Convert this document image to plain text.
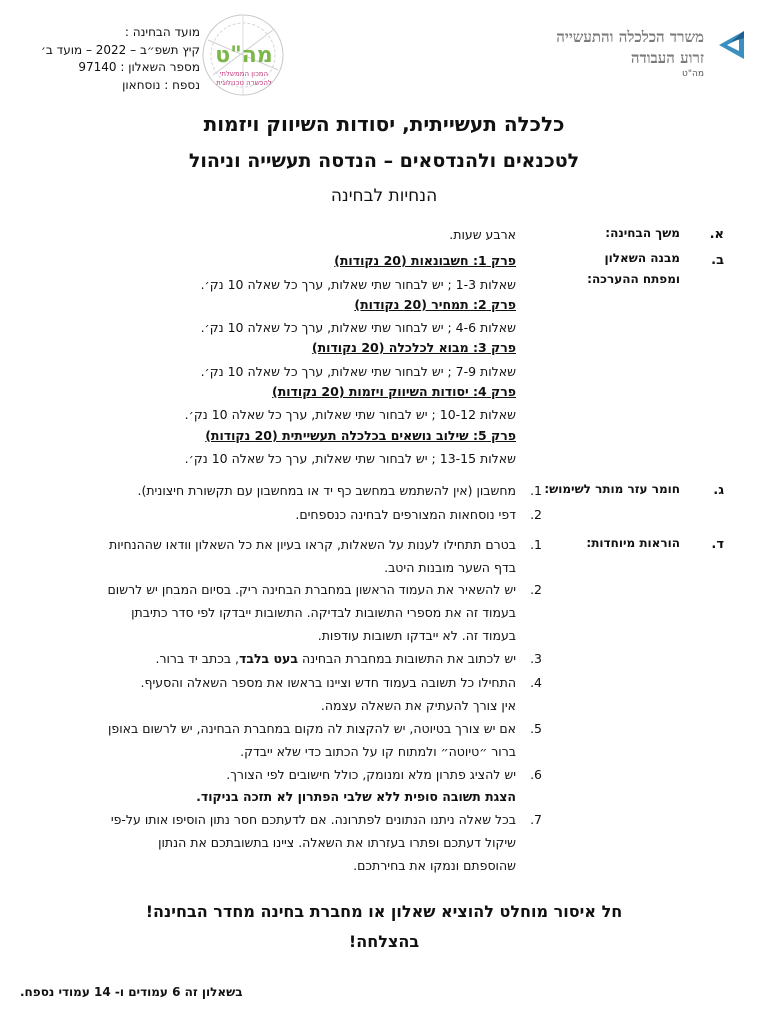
משרד הכלכלה והתעשייה
זרוע העבודה
מה"ט
מה"ט
המכון הממשלתי
להכשרה טכנולוגית
מועד הבחינה :
קיץ תשפ״ב – 2022 – מועד ב׳
מספר השאלון : 97140
נספח : נוסחאון
כלכלה תעשייתית, יסודות השיווק ויזמות
לטכנאים ולהנדסאים – הנדסה תעשייה וניהול
הנחיות לבחינה
א.
משך הבחינה:
ארבע שעות.
ב.
מבנה השאלון ומפתח ההערכה:
פרק 1: חשבונאות (20 נקודות)
שאלות 1-3 ; יש לבחור שתי שאלות, ערך כל שאלה 10 נק׳.
פרק 2: תמחיר (20 נקודות)
שאלות 4-6 ; יש לבחור שתי שאלות, ערך כל שאלה 10 נק׳.
פרק 3: מבוא לכלכלה (20 נקודות)
שאלות 7-9 ; יש לבחור שתי שאלות, ערך כל שאלה 10 נק׳.
פרק 4: יסודות השיווק ויזמות (20 נקודות)
שאלות 10-12 ; יש לבחור שתי שאלות, ערך כל שאלה 10 נק׳.
פרק 5: שילוב נושאים בכלכלה תעשייתית (20 נקודות)
שאלות 13-15 ; יש לבחור שתי שאלות, ערך כל שאלה 10 נק׳.
ג.
חומר עזר מותר לשימוש:
1.
מחשבון (אין להשתמש במחשב כף יד או במחשבון עם תקשורת חיצונית).
2.
דפי נוסחאות המצורפים לבחינה כנספחים.
ד.
הוראות מיוחדות:
1.
בטרם תתחילו לענות על השאלות, קראו בעיון את כל השאלון וודאו שההנחיות
בדף השער מובנות היטב.
2.
יש להשאיר את העמוד הראשון במחברת הבחינה ריק. בסיום המבחן יש לרשום
בעמוד זה את מספרי התשובות לבדיקה. התשובות ייבדקו לפי סדר כתיבתן
בעמוד זה. לא ייבדקו תשובות עודפות.
3.
יש לכתוב את התשובות במחברת הבחינה בעט בלבד, בכתב יד ברור.
4.
התחילו כל תשובה בעמוד חדש וציינו בראשו את מספר השאלה והסעיף.
אין צורך להעתיק את השאלה עצמה.
5.
אם יש צורך בטיוטה, יש להקצות לה מקום במחברת הבחינה, יש לרשום באופן
ברור ״טיוטה״ ולמתוח קו על הכתוב כדי שלא ייבדק.
6.
יש להציג פתרון מלא ומנומק, כולל חישובים לפי הצורך.
הצגת תשובה סופית ללא שלבי הפתרון לא תזכה בניקוד.
7.
בכל שאלה ניתנו הנתונים לפתרונה. אם לדעתכם חסר נתון הוסיפו אותו על-פי
שיקול דעתכם ופתרו בעזרתו את השאלה. ציינו בתשובתכם את הנתון
שהוספתם ונמקו את בחירתכם.
חל איסור מוחלט להוציא שאלון או מחברת בחינה מחדר הבחינה!
בהצלחה!
בשאלון זה 6 עמודים ו- 14 עמודי נספח.
